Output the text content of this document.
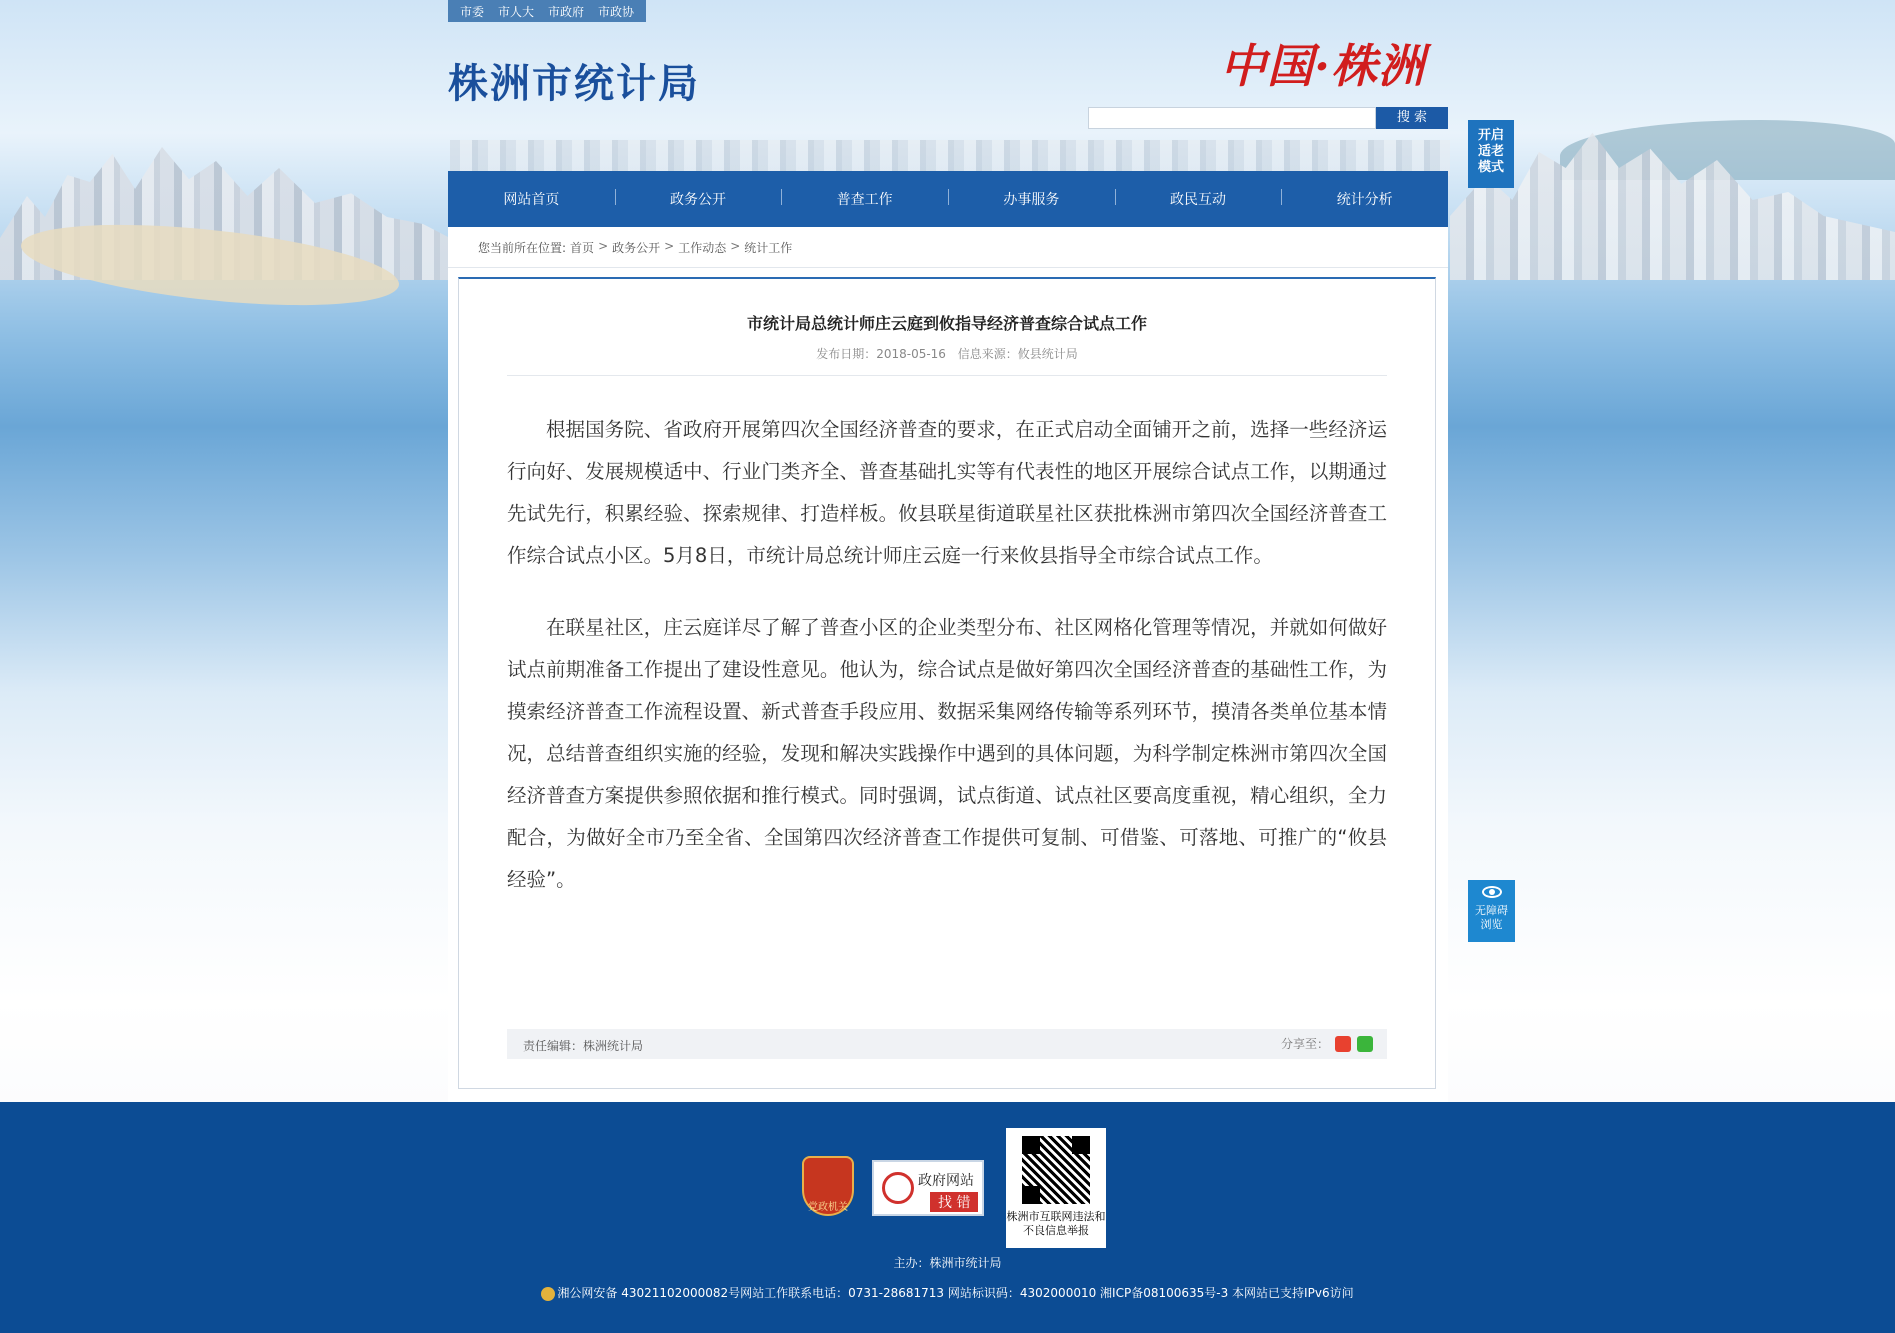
市委	市人大	市政府	市政协
株洲市统计局	中国·株洲
搜 索
开启适老模式
无障碍浏览
网站首页	政务公开	普查工作	办事服务	政民互动	统计分析
您当前所在位置: 首页 > 政务公开 > 工作动态 > 统计工作
市统计局总统计师庄云庭到攸指导经济普查综合试点工作
发布日期：2018-05-16 信息来源：攸县统计局

根据国务院、省政府开展第四次全国经济普查的要求，在正式启动全面铺开之前，选择一些经济运行向好、发展规模适中、行业门类齐全、普查基础扎实等有代表性的地区开展综合试点工作，以期通过先试先行，积累经验、探索规律、打造样板。攸县联星街道联星社区获批株洲市第四次全国经济普查工作综合试点小区。5月8日，市统计局总统计师庄云庭一行来攸县指导全市综合试点工作。

在联星社区，庄云庭详尽了解了普查小区的企业类型分布、社区网格化管理等情况，并就如何做好试点前期准备工作提出了建设性意见。他认为，综合试点是做好第四次全国经济普查的基础性工作，为摸索经济普查工作流程设置、新式普查手段应用、数据采集网络传输等系列环节，摸清各类单位基本情况，总结普查组织实施的经验，发现和解决实践操作中遇到的具体问题，为科学制定株洲市第四次全国经济普查方案提供参照依据和推行模式。同时强调，试点街道、试点社区要高度重视，精心组织，全力配合，为做好全市乃至全省、全国第四次经济普查工作提供可复制、可借鉴、可落地、可推广的“攸县经验”。

责任编辑：株洲统计局	分享至：
党政机关
政府网站
找 错
株洲市互联网违法和不良信息举报
主办：株洲市统计局
湘公网安备 43021102000082号网站工作联系电话：0731-28681713 网站标识码：4302000010 湘ICP备08100635号-3 本网站已支持IPv6访问
